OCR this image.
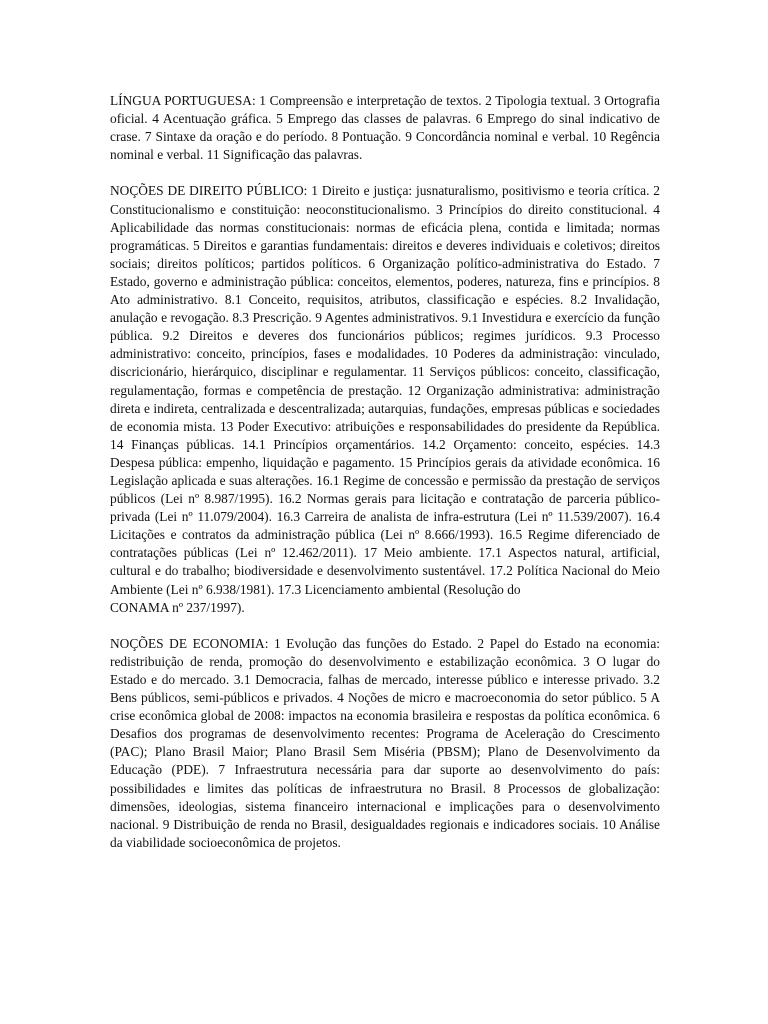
LÍNGUA PORTUGUESA: 1 Compreensão e interpretação de textos. 2 Tipologia textual. 3 Ortografia oficial. 4 Acentuação gráfica. 5 Emprego das classes de palavras. 6 Emprego do sinal indicativo de crase. 7 Sintaxe da oração e do período. 8 Pontuação. 9 Concordância nominal e verbal. 10 Regência nominal e verbal. 11 Significação das palavras.

NOÇÕES DE DIREITO PÚBLICO: 1 Direito e justiça: jusnaturalismo, positivismo e teoria crítica. 2 Constitucionalismo e constituição: neoconstitucionalismo. 3 Princípios do direito constitucional. 4 Aplicabilidade das normas constitucionais: normas de eficácia plena, contida e limitada; normas programáticas. 5 Direitos e garantias fundamentais: direitos e deveres individuais e coletivos; direitos sociais; direitos políticos; partidos políticos. 6 Organização político-administrativa do Estado. 7 Estado, governo e administração pública: conceitos, elementos, poderes, natureza, fins e princípios. 8 Ato administrativo. 8.1 Conceito, requisitos, atributos, classificação e espécies. 8.2 Invalidação, anulação e revogação. 8.3 Prescrição. 9 Agentes administrativos. 9.1 Investidura e exercício da função pública. 9.2 Direitos e deveres dos funcionários públicos; regimes jurídicos. 9.3 Processo administrativo: conceito, princípios, fases e modalidades. 10 Poderes da administração: vinculado, discricionário, hierárquico, disciplinar e regulamentar. 11 Serviços públicos: conceito, classificação, regulamentação, formas e competência de prestação. 12 Organização administrativa: administração direta e indireta, centralizada e descentralizada; autarquias, fundações, empresas públicas e sociedades de economia mista. 13 Poder Executivo: atribuições e responsabilidades do presidente da República. 14 Finanças públicas. 14.1 Princípios orçamentários. 14.2 Orçamento: conceito, espécies. 14.3 Despesa pública: empenho, liquidação e pagamento. 15 Princípios gerais da atividade econômica. 16 Legislação aplicada e suas alterações. 16.1 Regime de concessão e permissão da prestação de serviços públicos (Lei nº 8.987/1995). 16.2 Normas gerais para licitação e contratação de parceria público-privada (Lei nº 11.079/2004). 16.3 Carreira de analista de infra-estrutura (Lei nº 11.539/2007). 16.4 Licitações e contratos da administração pública (Lei nº 8.666/1993). 16.5 Regime diferenciado de contratações públicas (Lei nº 12.462/2011). 17 Meio ambiente. 17.1 Aspectos natural, artificial, cultural e do trabalho; biodiversidade e desenvolvimento sustentável. 17.2 Política Nacional do Meio Ambiente (Lei nº 6.938/1981). 17.3 Licenciamento ambiental (Resolução do
CONAMA nº 237/1997).

NOÇÕES DE ECONOMIA: 1 Evolução das funções do Estado. 2 Papel do Estado na economia: redistribuição de renda, promoção do desenvolvimento e estabilização econômica. 3 O lugar do Estado e do mercado. 3.1 Democracia, falhas de mercado, interesse público e interesse privado. 3.2 Bens públicos, semi-públicos e privados. 4 Noções de micro e macroeconomia do setor público. 5 A crise econômica global de 2008: impactos na economia brasileira e respostas da política econômica. 6 Desafios dos programas de desenvolvimento recentes: Programa de Aceleração do Crescimento (PAC); Plano Brasil Maior; Plano Brasil Sem Miséria (PBSM); Plano de Desenvolvimento da Educação (PDE). 7 Infraestrutura necessária para dar suporte ao desenvolvimento do país: possibilidades e limites das políticas de infraestrutura no Brasil. 8 Processos de globalização: dimensões, ideologias, sistema financeiro internacional e implicações para o desenvolvimento nacional. 9 Distribuição de renda no Brasil, desigualdades regionais e indicadores sociais. 10 Análise da viabilidade socioeconômica de projetos.
